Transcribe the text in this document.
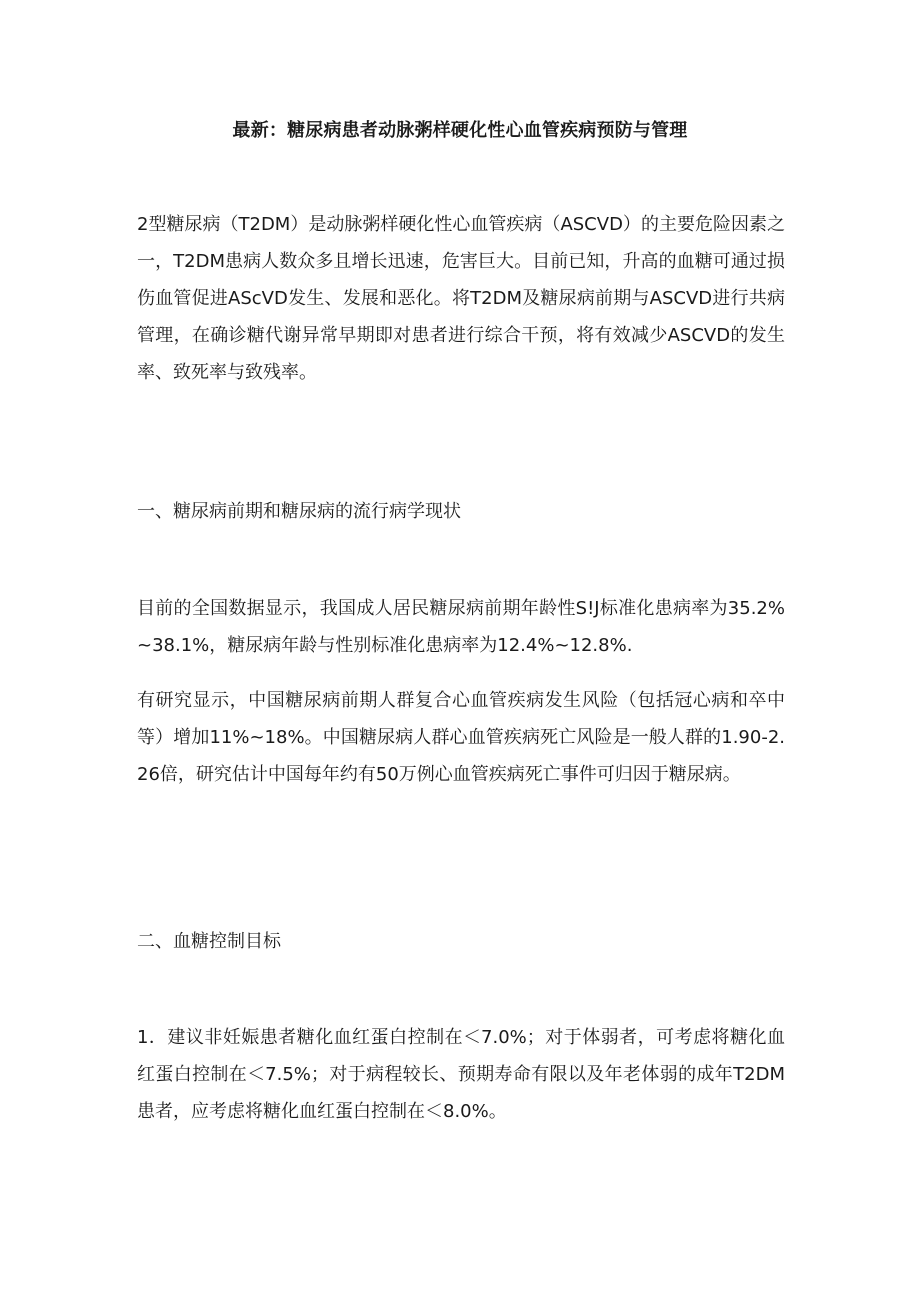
最新：糖尿病患者动脉粥样硬化性心血管疾病预防与管理

2型糖尿病（T2DM）是动脉粥样硬化性心血管疾病（ASCVD）的主要危险因素之一，T2DM患病人数众多且增长迅速，危害巨大。目前已知，升高的血糖可通过损伤血管促进AScVD发生、发展和恶化。将T2DM及糖尿病前期与ASCVD进行共病管理，在确诊糖代谢异常早期即对患者进行综合干预，将有效减少ASCVD的发生率、致死率与致残率。

一、糖尿病前期和糖尿病的流行病学现状

目前的全国数据显示，我国成人居民糖尿病前期年龄性S!J标准化患病率为35.2%~38.1%，糖尿病年龄与性别标准化患病率为12.4%~12.8%.

有研究显示，中国糖尿病前期人群复合心血管疾病发生风险（包括冠心病和卒中等）增加11%~18%。中国糖尿病人群心血管疾病死亡风险是一般人群的1.90-2.26倍，研究估计中国每年约有50万例心血管疾病死亡事件可归因于糖尿病。

二、血糖控制目标

1．建议非妊娠患者糖化血红蛋白控制在＜7.0%；对于体弱者，可考虑将糖化血红蛋白控制在＜7.5%；对于病程较长、预期寿命有限以及年老体弱的成年T2DM患者，应考虑将糖化血红蛋白控制在＜8.0%。
